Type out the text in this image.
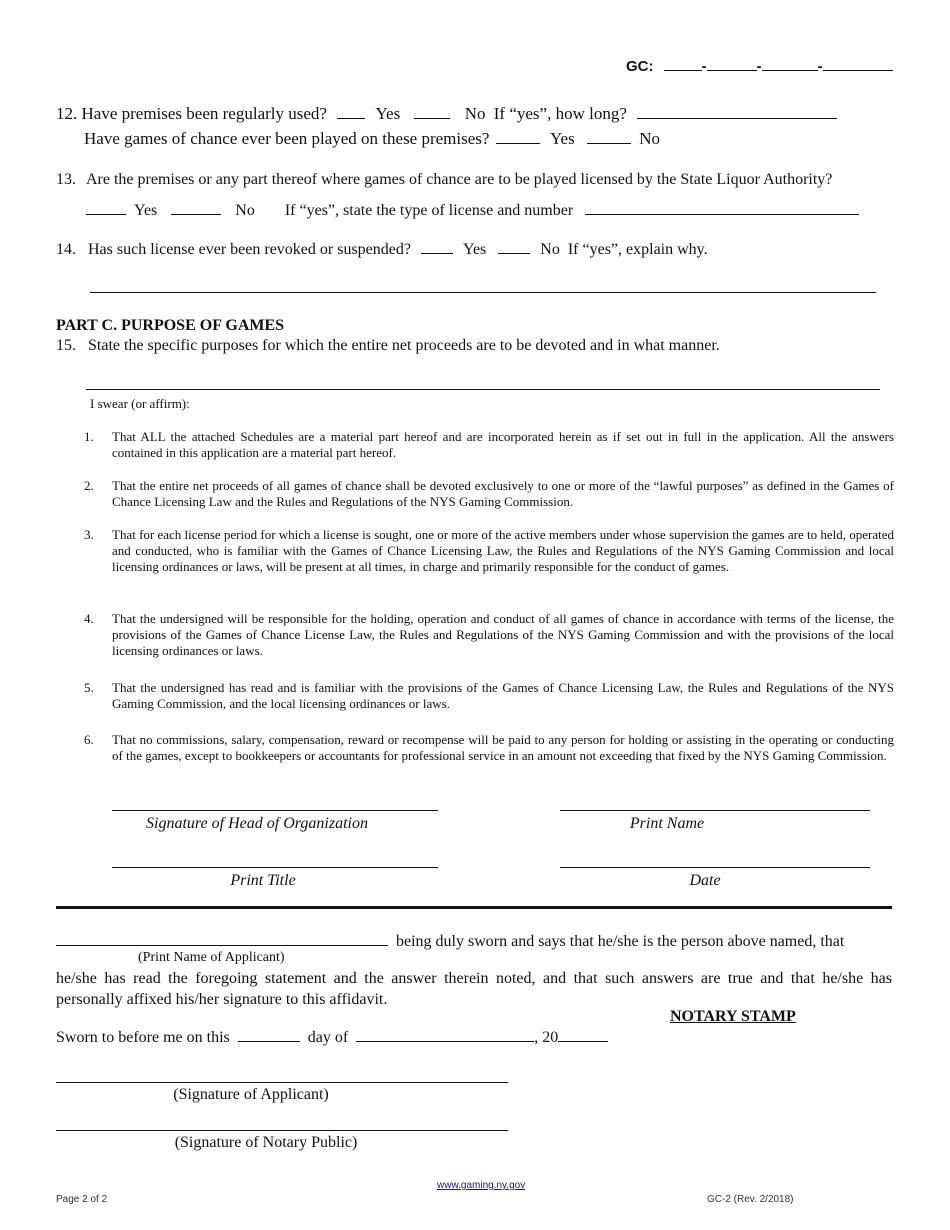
GC:	-	-	-
12. Have premises been regularly used?	Yes	No If “yes”, how long?
Have games of chance ever been played on these premises?	Yes	No
13. Are the premises or any part thereof where games of chance are to be played licensed by the State Liquor Authority?
Yes	No If “yes”, state the type of license and number
14. Has such license ever been revoked or suspended?	Yes	No If “yes”, explain why.
PART C. PURPOSE OF GAMES
15. State the specific purposes for which the entire net proceeds are to be devoted and in what manner.
I swear (or affirm):
1.	That ALL the attached Schedules are a material part hereof and are incorporated herein as if set out in full in the application. All the answers contained in this application are a material part hereof.
2.	That the entire net proceeds of all games of chance shall be devoted exclusively to one or more of the “lawful purposes” as defined in the Games of Chance Licensing Law and the Rules and Regulations of the NYS Gaming Commission.
3.	That for each license period for which a license is sought, one or more of the active members under whose supervision the games are to held, operated and conducted, who is familiar with the Games of Chance Licensing Law, the Rules and Regulations of the NYS Gaming Commission and local licensing ordinances or laws, will be present at all times, in charge and primarily responsible for the conduct of games.
4.	That the undersigned will be responsible for the holding, operation and conduct of all games of chance in accordance with terms of the license, the provisions of the Games of Chance License Law, the Rules and Regulations of the NYS Gaming Commission and with the provisions of the local licensing ordinances or laws.
5.	That the undersigned has read and is familiar with the provisions of the Games of Chance Licensing Law, the Rules and Regulations of the NYS Gaming Commission, and the local licensing ordinances or laws.
6.	That no commissions, salary, compensation, reward or recompense will be paid to any person for holding or assisting in the operating or conducting of the games, except to bookkeepers or accountants for professional service in an amount not exceeding that fixed by the NYS Gaming Commission.
Signature of Head of Organization	Print Name
Print Title	Date
being duly sworn and says that he/she is the person above named, that
(Print Name of Applicant)
he/she has read the foregoing statement and the answer therein noted, and that such answers are true and that he/she has personally affixed his/her signature to this affidavit.
NOTARY STAMP
Sworn to before me on this	day of	, 20
(Signature of Applicant)
(Signature of Notary Public)
Page 2 of 2
www.gaming.ny.gov
GC-2 (Rev. 2/2018)
